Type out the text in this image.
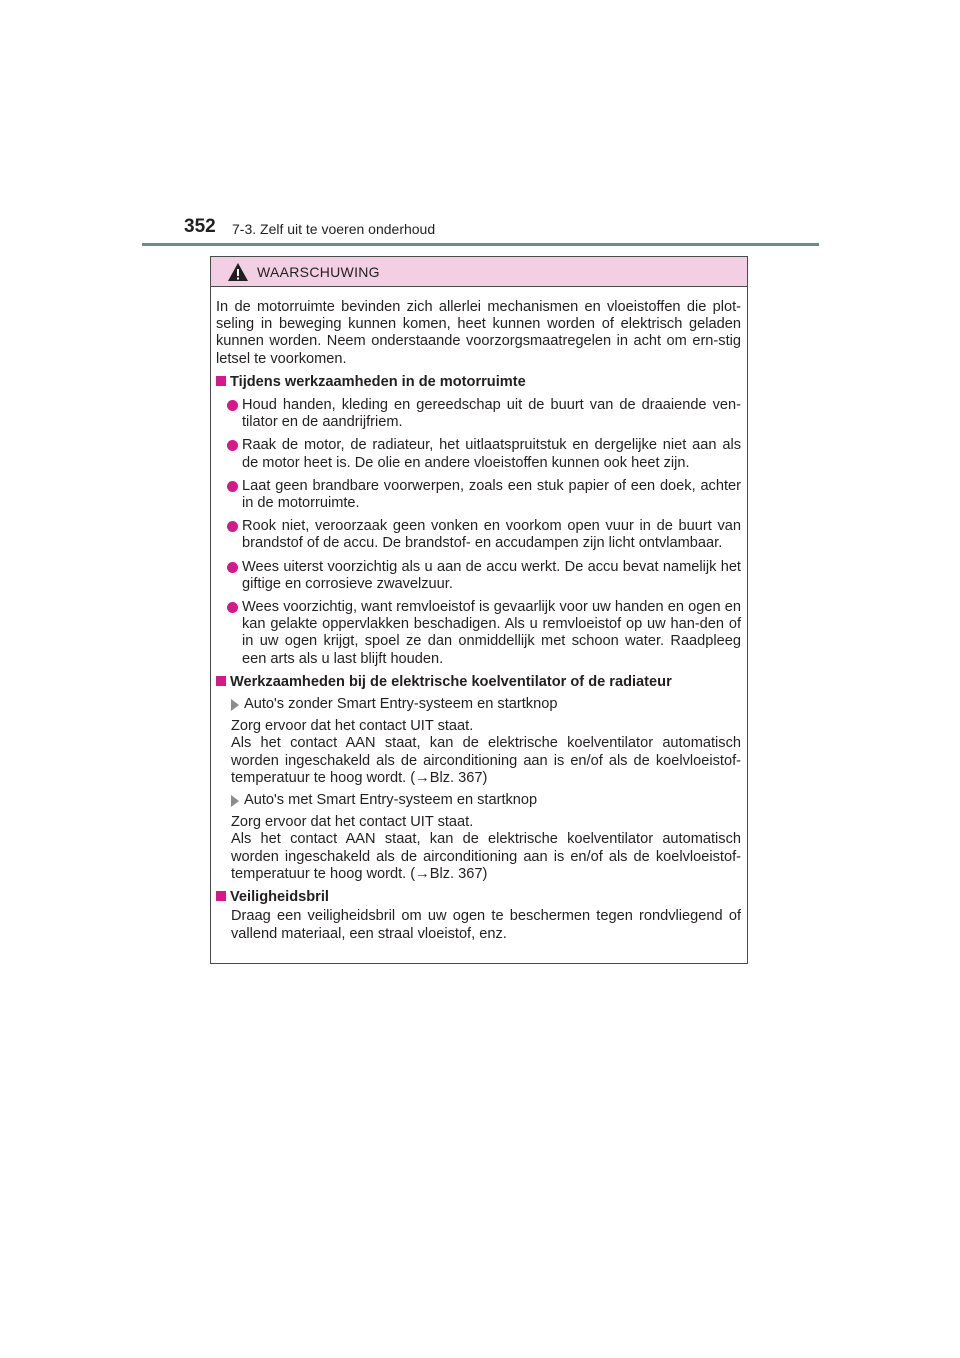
352 7-3. Zelf uit te voeren onderhoud
WAARSCHUWING

In de motorruimte bevinden zich allerlei mechanismen en vloeistoffen die plot-seling in beweging kunnen komen, heet kunnen worden of elektrisch geladen kunnen worden. Neem onderstaande voorzorgsmaatregelen in acht om ern-stig letsel te voorkomen.

Tijdens werkzaamheden in de motorruimte
Houd handen, kleding en gereedschap uit de buurt van de draaiende ven-tilator en de aandrijfriem.
Raak de motor, de radiateur, het uitlaatspruitstuk en dergelijke niet aan als de motor heet is. De olie en andere vloeistoffen kunnen ook heet zijn.
Laat geen brandbare voorwerpen, zoals een stuk papier of een doek, achter in de motorruimte.
Rook niet, veroorzaak geen vonken en voorkom open vuur in de buurt van brandstof of de accu. De brandstof- en accudampen zijn licht ontvlambaar.
Wees uiterst voorzichtig als u aan de accu werkt. De accu bevat namelijk het giftige en corrosieve zwavelzuur.
Wees voorzichtig, want remvloeistof is gevaarlijk voor uw handen en ogen en kan gelakte oppervlakken beschadigen. Als u remvloeistof op uw han-den of in uw ogen krijgt, spoel ze dan onmiddellijk met schoon water. Raadpleeg een arts als u last blijft houden.
Werkzaamheden bij de elektrische koelventilator of de radiateur
Auto's zonder Smart Entry-systeem en startknop
Zorg ervoor dat het contact UIT staat.
Als het contact AAN staat, kan de elektrische koelventilator automatisch worden ingeschakeld als de airconditioning aan is en/of als de koelvloeistof-temperatuur te hoog wordt. (→Blz. 367)
Auto's met Smart Entry-systeem en startknop
Zorg ervoor dat het contact UIT staat.
Als het contact AAN staat, kan de elektrische koelventilator automatisch worden ingeschakeld als de airconditioning aan is en/of als de koelvloeistof-temperatuur te hoog wordt. (→Blz. 367)
Veiligheidsbril
Draag een veiligheidsbril om uw ogen te beschermen tegen rondvliegend of vallend materiaal, een straal vloeistof, enz.
